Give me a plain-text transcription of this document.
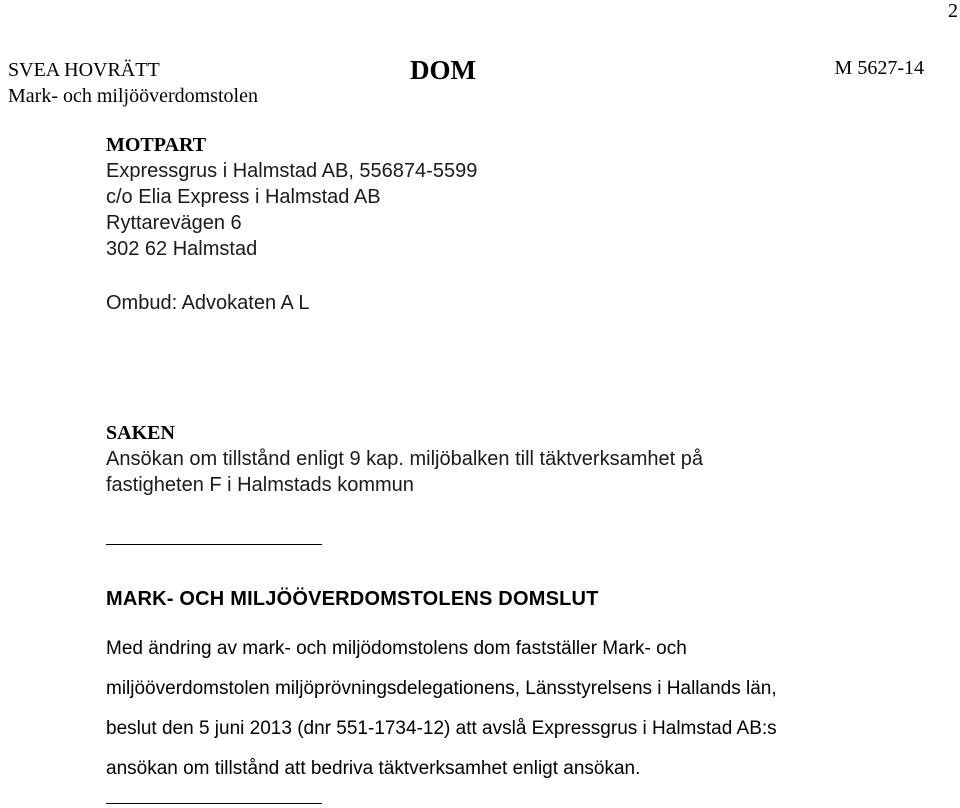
2
SVEA HOVRÄTT
Mark- och miljööverdomstolen
DOM	M 5627-14
MOTPART
Expressgrus i Halmstad AB, 556874-5599
c/o Elia Express i Halmstad AB
Ryttarevägen 6
302 62 Halmstad
Ombud: Advokaten A L
SAKEN
Ansökan om tillstånd enligt 9 kap. miljöbalken till täktverksamhet på
fastigheten F i Halmstads kommun
MARK- OCH MILJÖÖVERDOMSTOLENS DOMSLUT
Med ändring av mark- och miljödomstolens dom fastställer Mark- och
miljööverdomstolen miljöprövningsdelegationens, Länsstyrelsens i Hallands län,
beslut den 5 juni 2013 (dnr 551-1734-12) att avslå Expressgrus i Halmstad AB:s
ansökan om tillstånd att bedriva täktverksamhet enligt ansökan.
